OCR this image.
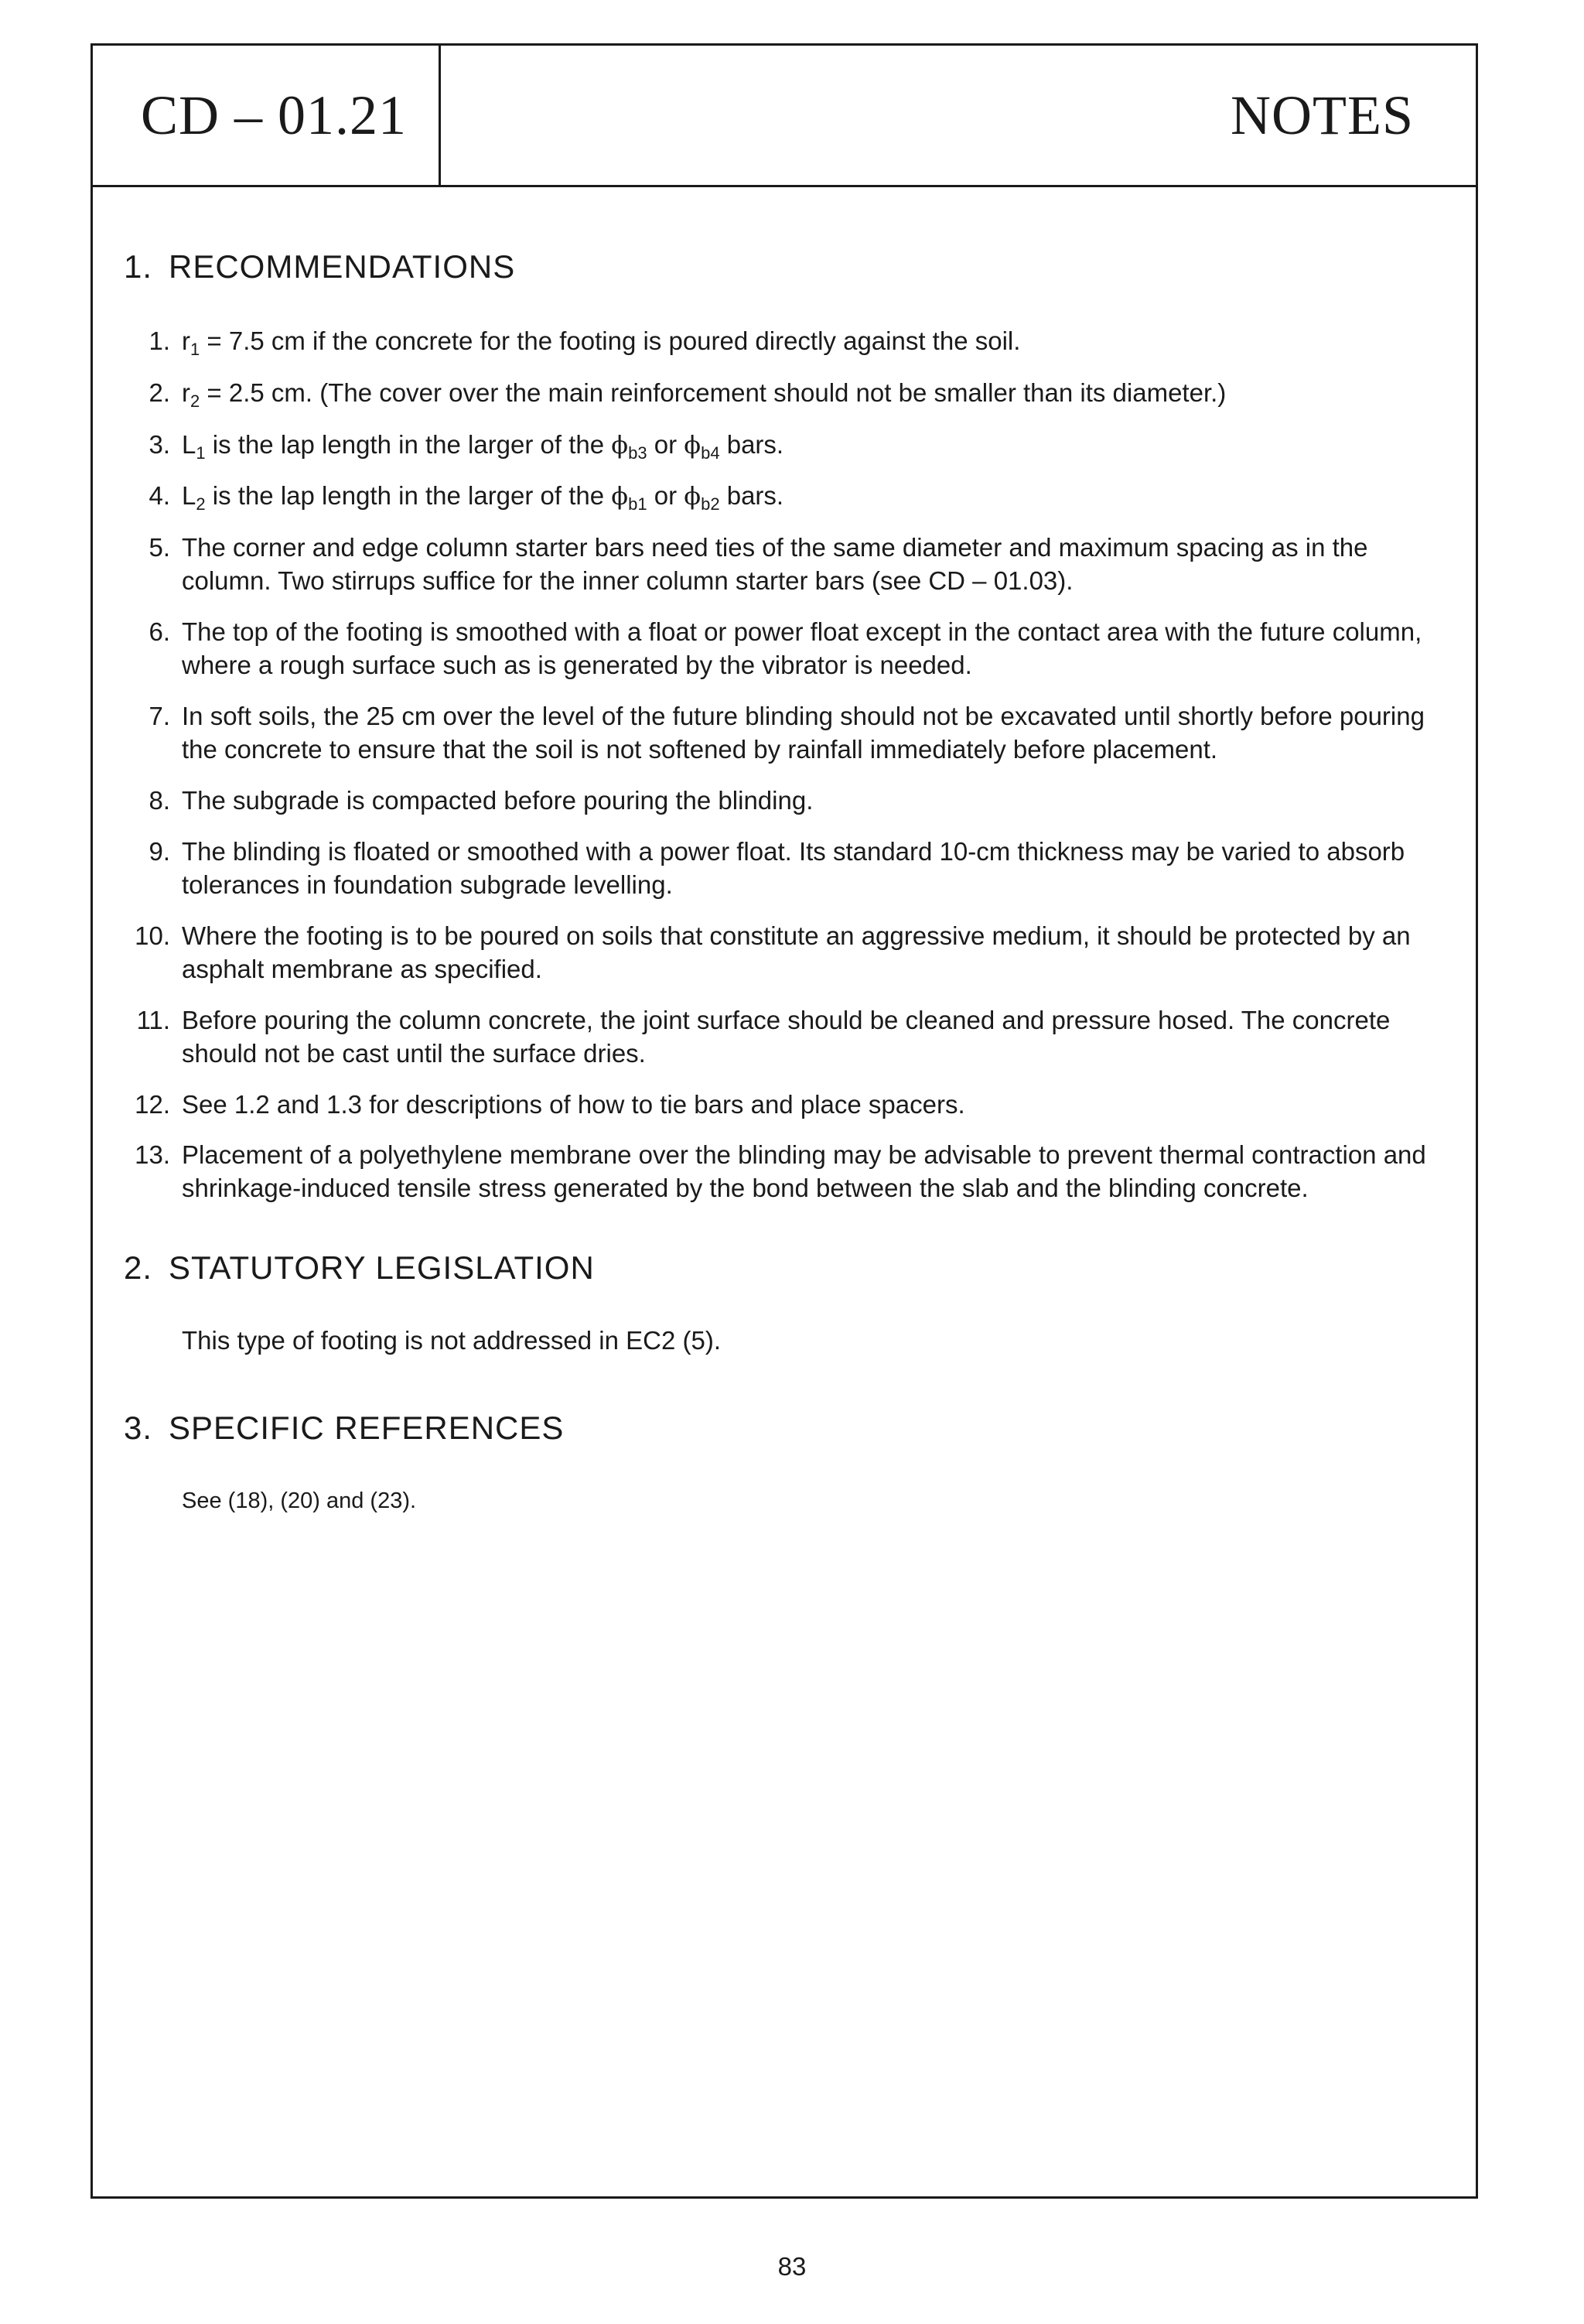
CD – 01.21	NOTES
1. RECOMMENDATIONS
1. $r_1 = 7.5$ cm if the concrete for the footing is poured directly against the soil.
2. $r_2 = 2.5$ cm. (The cover over the main reinforcement should not be smaller than its diameter.)
3. $L_1$ is the lap length in the larger of the $\phi_{b3}$ or $\phi_{b4}$ bars.
4. $L_2$ is the lap length in the larger of the $\phi_{b1}$ or $\phi_{b2}$ bars.
5. The corner and edge column starter bars need ties of the same diameter and maximum spacing as in the column. Two stirrups suffice for the inner column starter bars (see CD – 01.03).
6. The top of the footing is smoothed with a float or power float except in the contact area with the future column, where a rough surface such as is generated by the vibrator is needed.
7. In soft soils, the 25 cm over the level of the future blinding should not be excavated until shortly before pouring the concrete to ensure that the soil is not softened by rainfall immediately before placement.
8. The subgrade is compacted before pouring the blinding.
9. The blinding is floated or smoothed with a power float. Its standard 10-cm thickness may be varied to absorb tolerances in foundation subgrade levelling.
10. Where the footing is to be poured on soils that constitute an aggressive medium, it should be protected by an asphalt membrane as specified.
11. Before pouring the column concrete, the joint surface should be cleaned and pressure hosed. The concrete should not be cast until the surface dries.
12. See 1.2 and 1.3 for descriptions of how to tie bars and place spacers.
13. Placement of a polyethylene membrane over the blinding may be advisable to prevent thermal contraction and shrinkage-induced tensile stress generated by the bond between the slab and the blinding concrete.
2. STATUTORY LEGISLATION
This type of footing is not addressed in EC2 (5).
3. SPECIFIC REFERENCES
See (18), (20) and (23).
83
